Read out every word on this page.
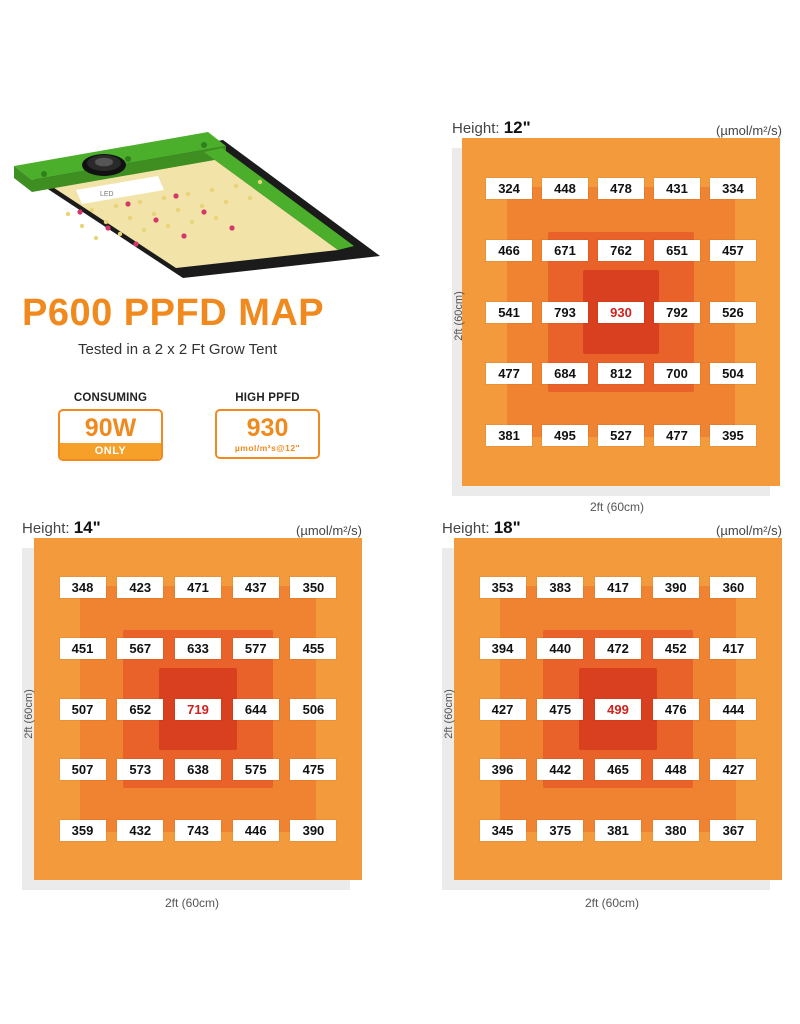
LED
P600 PPFD MAP
Tested in a 2 x 2 Ft Grow Tent
CONSUMING
90W
ONLY
HIGH PPFD
930
µmol/m²s@12"
Height: 12"	(µmol/m²/s)
324	448	478	431	334
466	671	762	651	457
541	793	930	792	526
477	684	812	700	504
381	495	527	477	395
2ft (60cm)
2ft (60cm)
Height: 14"	(µmol/m²/s)
348	423	471	437	350
451	567	633	577	455
507	652	719	644	506
507	573	638	575	475
359	432	743	446	390
2ft (60cm)
2ft (60cm)
Height: 18"	(µmol/m²/s)
353	383	417	390	360
394	440	472	452	417
427	475	499	476	444
396	442	465	448	427
345	375	381	380	367
2ft (60cm)
2ft (60cm)
